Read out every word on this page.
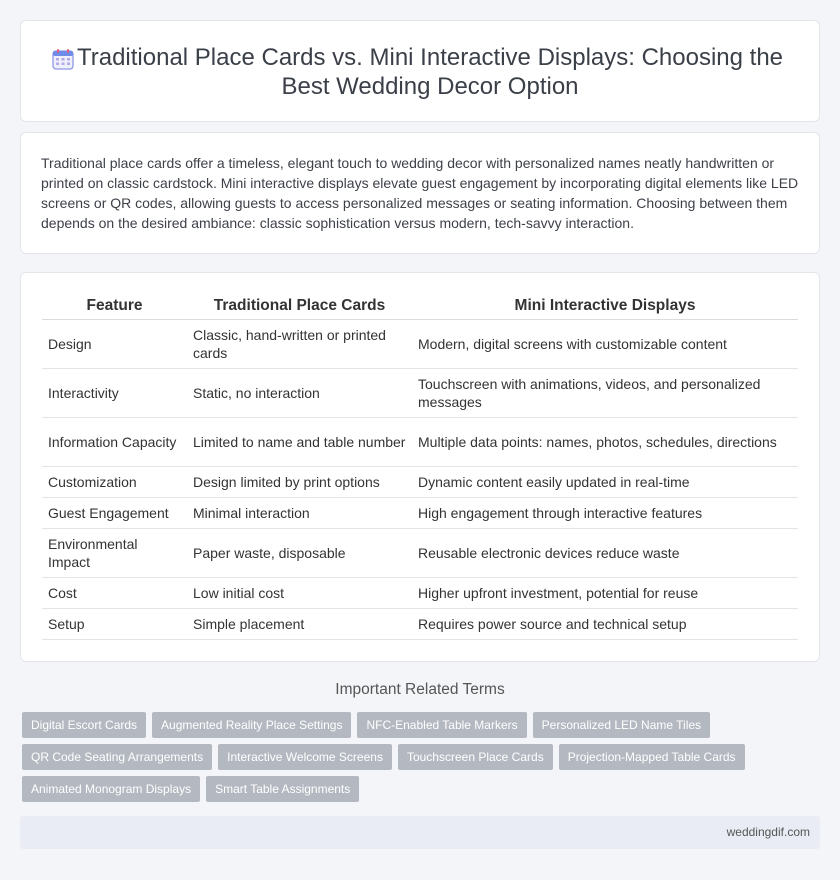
Traditional Place Cards vs. Mini Interactive Displays: Choosing the Best Wedding Decor Option

Traditional place cards offer a timeless, elegant touch to wedding decor with personalized names neatly handwritten or printed on classic cardstock. Mini interactive displays elevate guest engagement by incorporating digital elements like LED screens or QR codes, allowing guests to access personalized messages or seating information. Choosing between them depends on the desired ambiance: classic sophistication versus modern, tech-savvy interaction.

Feature	Traditional Place Cards	Mini Interactive Displays
Design	Classic, hand-written or printed cards	Modern, digital screens with customizable content
Interactivity	Static, no interaction	Touchscreen with animations, videos, and personalized messages
Information Capacity	Limited to name and table number	Multiple data points: names, photos, schedules, directions
Customization	Design limited by print options	Dynamic content easily updated in real-time
Guest Engagement	Minimal interaction	High engagement through interactive features
Environmental Impact	Paper waste, disposable	Reusable electronic devices reduce waste
Cost	Low initial cost	Higher upfront investment, potential for reuse
Setup	Simple placement	Requires power source and technical setup
Important Related Terms
Digital Escort Cards	Augmented Reality Place Settings	NFC-Enabled Table Markers	Personalized LED Name Tiles
QR Code Seating Arrangements	Interactive Welcome Screens	Touchscreen Place Cards	Projection-Mapped Table Cards
Animated Monogram Displays	Smart Table Assignments
weddingdif.com
